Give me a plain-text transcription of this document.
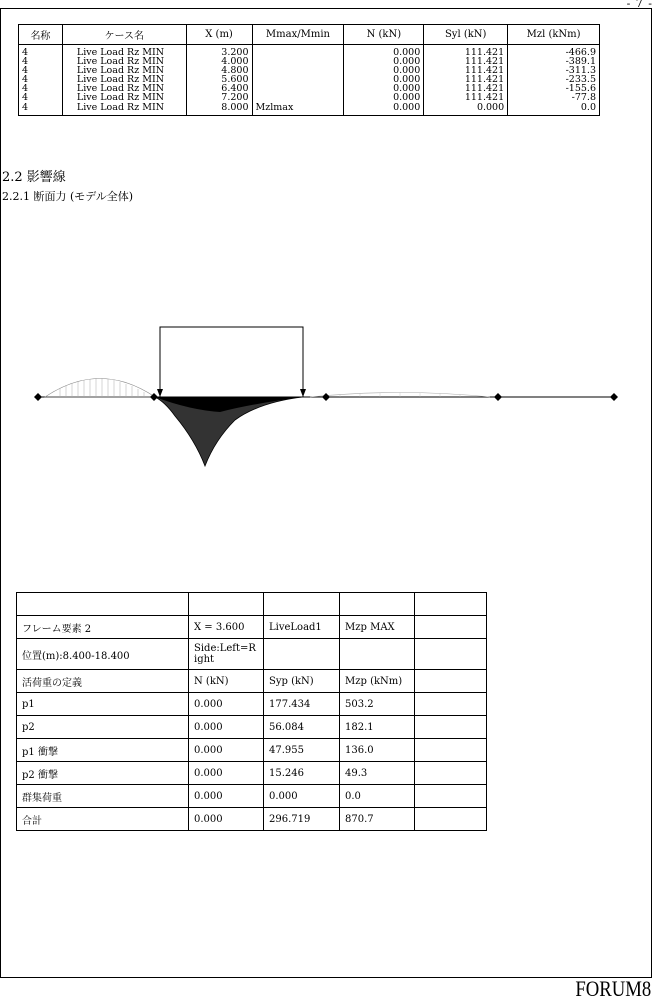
- 7 -
名称	ケース名	X (m)	Mmax/Mmin	N (kN)	Syl (kN)	Mzl (kNm)
4	Live Load Rz MIN	3.200		0.000	111.421	-466.9
4	Live Load Rz MIN	4.000		0.000	111.421	-389.1
4	Live Load Rz MIN	4.800		0.000	111.421	-311.3
4	Live Load Rz MIN	5.600		0.000	111.421	-233.5
4	Live Load Rz MIN	6.400		0.000	111.421	-155.6
4	Live Load Rz MIN	7.200		0.000	111.421	-77.8
4	Live Load Rz MIN	8.000	Mzlmax	0.000	0.000	0.0
2.2 影響線
2.2.1 断面力 (モデル全体)

フレーム要素 2	X = 3.600	LiveLoad1	Mzp MAX	
位置(m):8.400-18.400	Side:Left=Right			
活荷重の定義	N (kN)	Syp (kN)	Mzp (kNm)	
p1	0.000	177.434	503.2	
p2	0.000	56.084	182.1	
p1 衝撃	0.000	47.955	136.0	
p2 衝撃	0.000	15.246	49.3	
群集荷重	0.000	0.000	0.0	
合計	0.000	296.719	870.7	
FORUM8
